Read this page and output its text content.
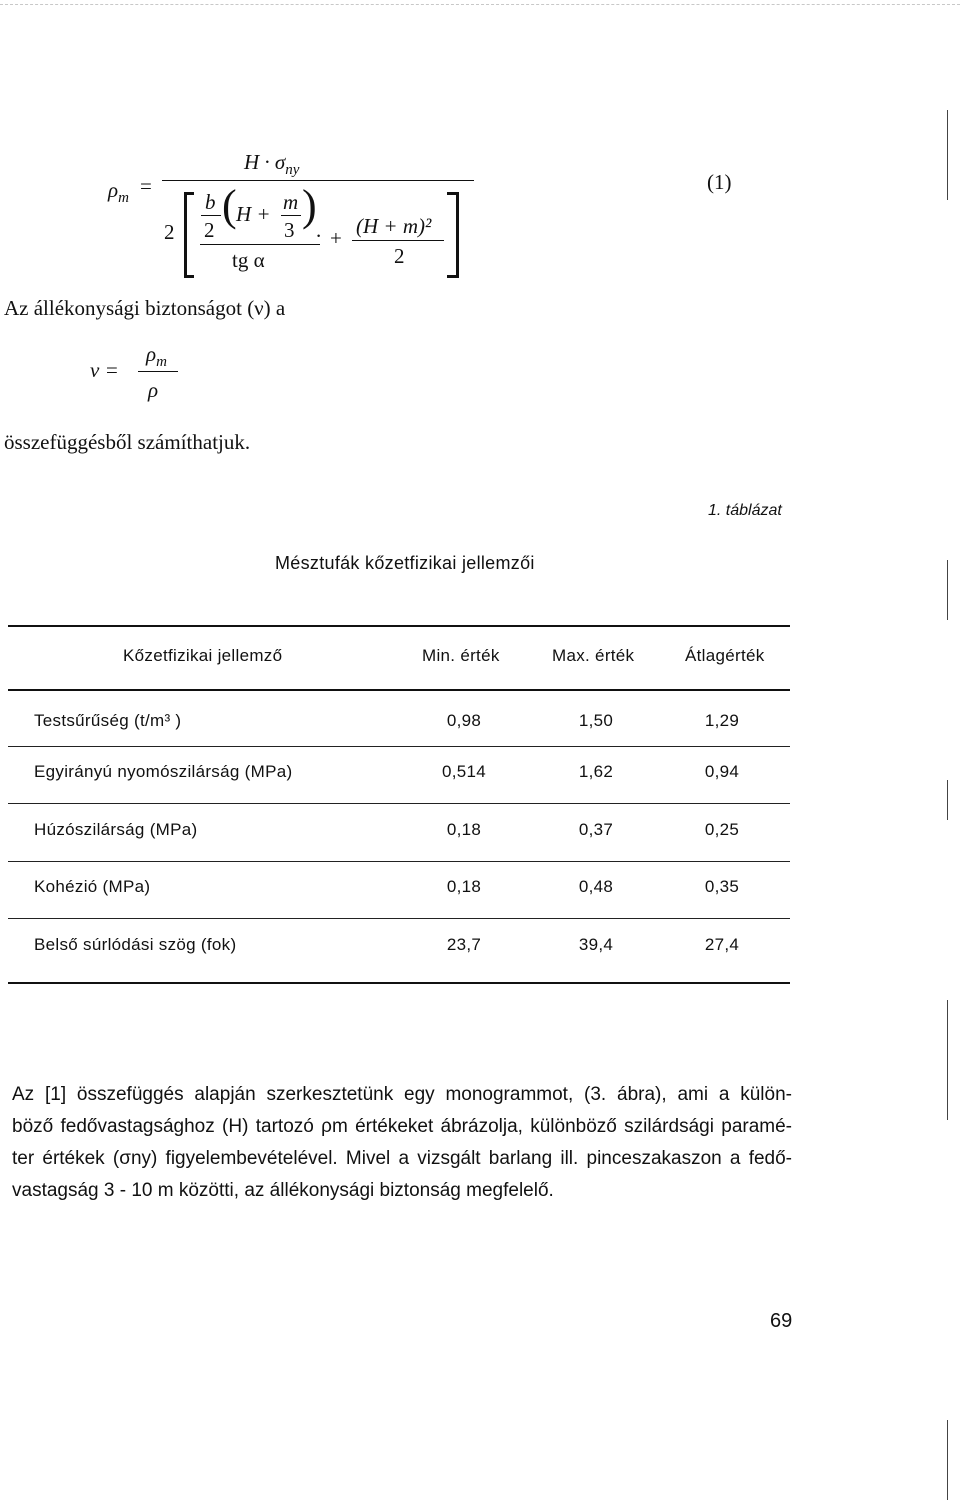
$\rho_m$
=
$H \cdot \sigma_{ny}$
2
b
2 ( H + m
3 ) .
tg α
+ (H + m)²
2
(1)
Az állékonysági biztonságot (ν) a
ν =
$\rho_m$
ρ
összefüggésből számíthatjuk.
1. táblázat
Mésztufák kőzetfizikai jellemzői
Kőzetfizikai jellemző	Min. érték	Max. érték	Átlagérték
Testsűrűség (t/m³ )	0,98	1,50	1,29
Egyirányú nyomószilárság (MPa)	0,514	1,62	0,94
Húzószilárság (MPa)	0,18	0,37	0,25
Kohézió (MPa)	0,18	0,48	0,35
Belső súrlódási szög (fok)	23,7	39,4	27,4
Az [1] összefüggés alapján szerkesztetünk egy monogrammot, (3. ábra), ami a külön-
böző fedővastagsághoz (H) tartozó ρm értékeket ábrázolja, különböző szilárdsági paramé-
ter értékek (σny) figyelembevételével. Mivel a vizsgált barlang ill. pinceszakaszon a fedő-
vastagság 3 - 10 m közötti, az állékonysági biztonság megfelelő.
69
